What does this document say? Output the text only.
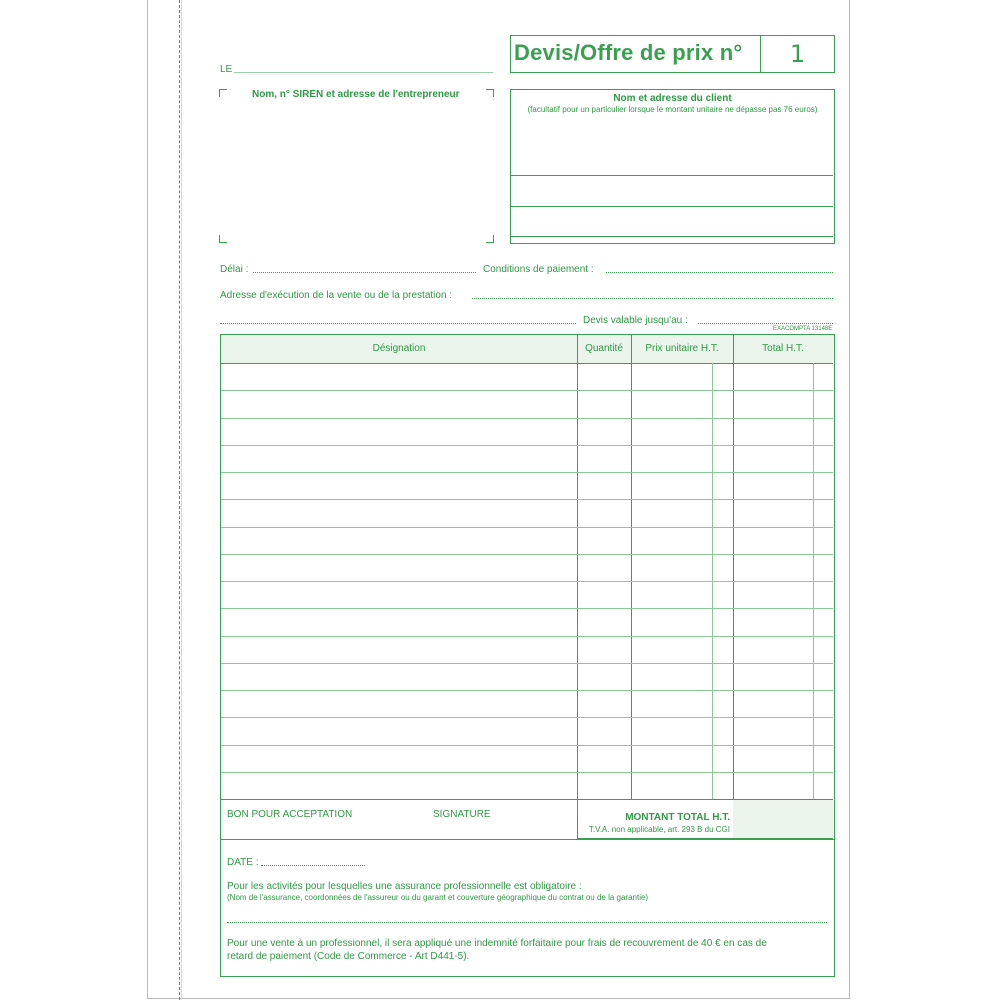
LE
Devis/Offre de prix n°	1
Nom, n° SIREN et adresse de l'entrepreneur	Nom et adresse du client
(facultatif pour un particulier lorsque le montant unitaire ne dépasse pas 76 euros)
Délai :	Conditions de paiement :
Adresse d'exécution de la vente ou de la prestation :
Devis valable jusqu'au :
EXACOMPTA 13148E
Désignation	Quantité	Prix unitaire H.T.	Total H.T.
BON POUR ACCEPTATION	SIGNATURE	MONTANT TOTAL H.T.
T.V.A. non applicable, art. 293 B du CGI
DATE :
Pour les activités pour lesquelles une assurance professionnelle est obligatoire :
(Nom de l'assurance, coordonnées de l'assureur ou du garant et couverture géographique du contrat ou de la garantie)
Pour une vente à un professionnel, il sera appliqué une indemnité forfaitaire pour frais de recouvrement de 40 € en cas de
retard de paiement (Code de Commerce - Art D441-5).
